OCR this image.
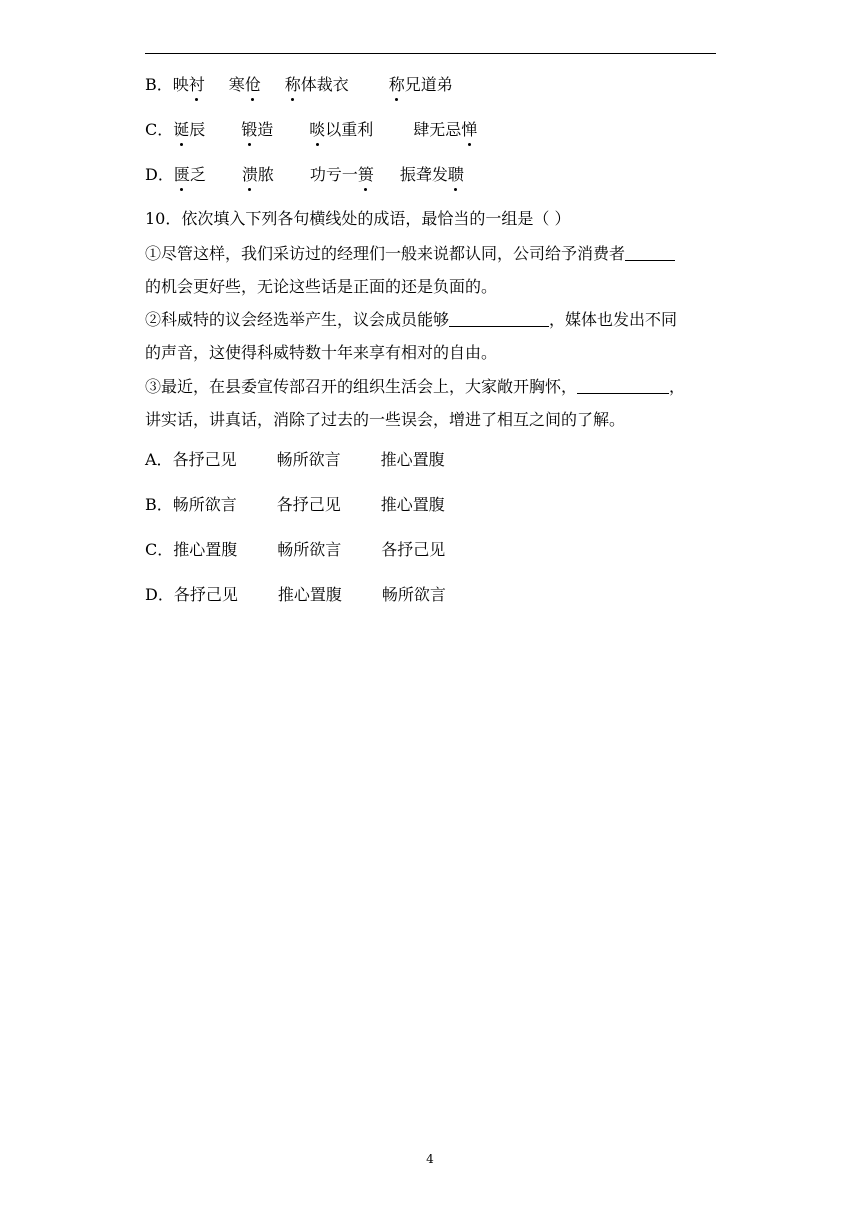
B．映衬 寒伧 称体裁衣 称兄道弟
C．诞辰 锻造 啖以重利 肆无忌惮
D．匮乏 溃脓 功亏一篑 振聋发聩
10．依次填入下列各句横线处的成语，最恰当的一组是（ ）
①尽管这样，我们采访过的经理们一般来说都认同，公司给予消费者
的机会更好些，无论这些话是正面的还是负面的。
②科威特的议会经选举产生，议会成员能够	，媒体也发出不同
的声音，这使得科威特数十年来享有相对的自由。
③最近，在县委宣传部召开的组织生活会上，大家敞开胸怀，	，
讲实话，讲真话，消除了过去的一些误会，增进了相互之间的了解。
A．各抒己见 畅所欲言 推心置腹
B．畅所欲言 各抒己见 推心置腹
C．推心置腹 畅所欲言 各抒己见
D．各抒己见 推心置腹 畅所欲言
4
